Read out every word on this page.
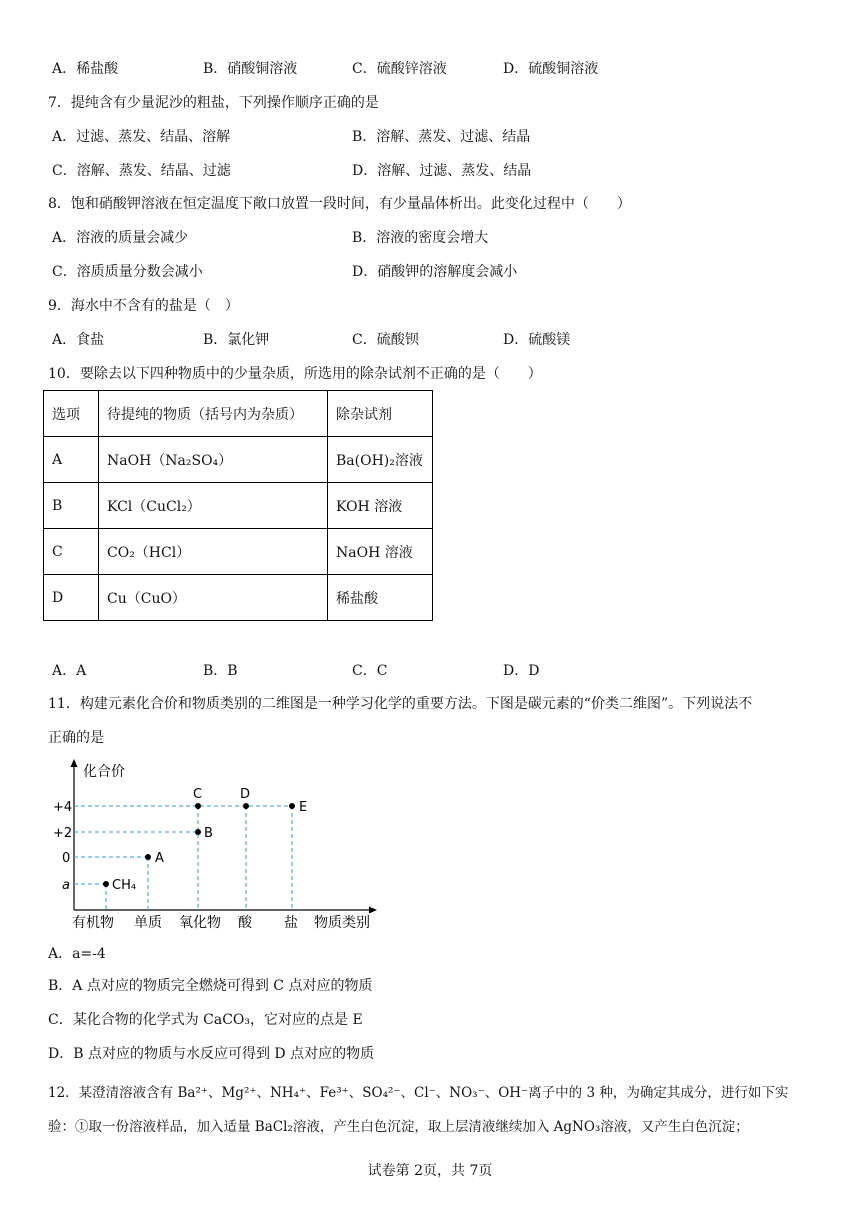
A．稀盐酸	B．硝酸铜溶液	C．硫酸锌溶液	D．硫酸铜溶液
7．提纯含有少量泥沙的粗盐，下列操作顺序正确的是
A．过滤、蒸发、结晶、溶解	B．溶解、蒸发、过滤、结晶
C．溶解、蒸发、结晶、过滤	D．溶解、过滤、蒸发、结晶
8．饱和硝酸钾溶液在恒定温度下敞口放置一段时间，有少量晶体析出。此变化过程中（　　）
A．溶液的质量会减少	B．溶液的密度会增大
C．溶质质量分数会减小	D．硝酸钾的溶解度会减小
9．海水中不含有的盐是（　）
A．食盐	B．氯化钾	C．硫酸钡	D．硫酸镁
10．要除去以下四种物质中的少量杂质，所选用的除杂试剂不正确的是（　　）
选项	待提纯的物质（括号内为杂质）	除杂试剂
A	NaOH（Na₂SO₄）	Ba(OH)₂溶液
B	KCl（CuCl₂）	KOH 溶液
C	CO₂（HCl）	NaOH 溶液
D	Cu（CuO）	稀盐酸
A．A	B．B	C．C	D．D
11．构建元素化合价和物质类别的二维图是一种学习化学的重要方法。下图是碳元素的“价类二维图”。下列说法不
正确的是
化合价
+4
+2
0
a	CH₄
A
B
C	D
E
有机物 单质 氧化物 酸 盐 物质类别
A．a=-4
B．A 点对应的物质完全燃烧可得到 C 点对应的物质
C．某化合物的化学式为 CaCO₃，它对应的点是 E
D．B 点对应的物质与水反应可得到 D 点对应的物质
12．某澄清溶液含有 Ba²⁺、Mg²⁺、NH₄⁺、Fe³⁺、SO₄²⁻、Cl⁻、NO₃⁻、OH⁻离子中的 3 种，为确定其成分，进行如下实
验：①取一份溶液样品，加入适量 BaCl₂溶液，产生白色沉淀，取上层清液继续加入 AgNO₃溶液，又产生白色沉淀；
试卷第 2页，共 7页
